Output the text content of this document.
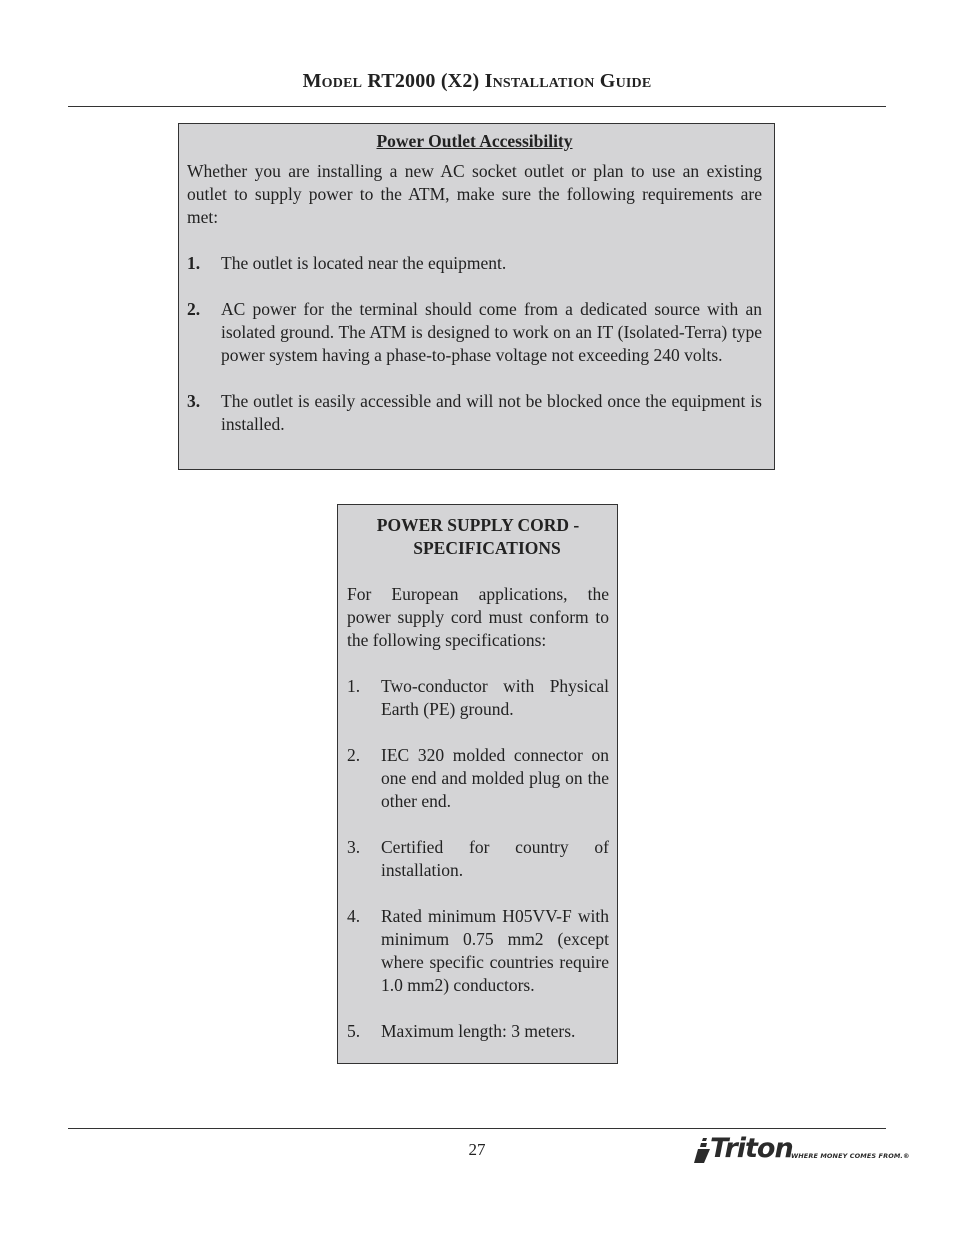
Model RT2000 (X2) Installation Guide
Power Outlet Accessibility
Whether you are installing a new AC socket outlet or plan to use an existing outlet to supply power to the ATM, make sure the following requirements are met:
1. The outlet is located near the equipment.
2. AC power for the terminal should come from a dedicated source with an isolated ground. The ATM is designed to work on an IT (Isolated-Terra) type power system having a phase-to-phase voltage not exceeding 240 volts.
3. The outlet is easily accessible and will not be blocked once the equipment is installed.
POWER SUPPLY CORD -
SPECIFICATIONS
For European applications, the power supply cord must conform to the following specifications:
1. Two-conductor with Physical Earth (PE) ground.
2. IEC 320 molded connector on one end and molded plug on the other end.
3. Certified for country of installation.
4. Rated minimum H05VV-F with minimum 0.75 mm2 (except where specific countries require 1.0 mm2) conductors.
5. Maximum length: 3 meters.
27	Triton
WHERE MONEY COMES FROM.®
